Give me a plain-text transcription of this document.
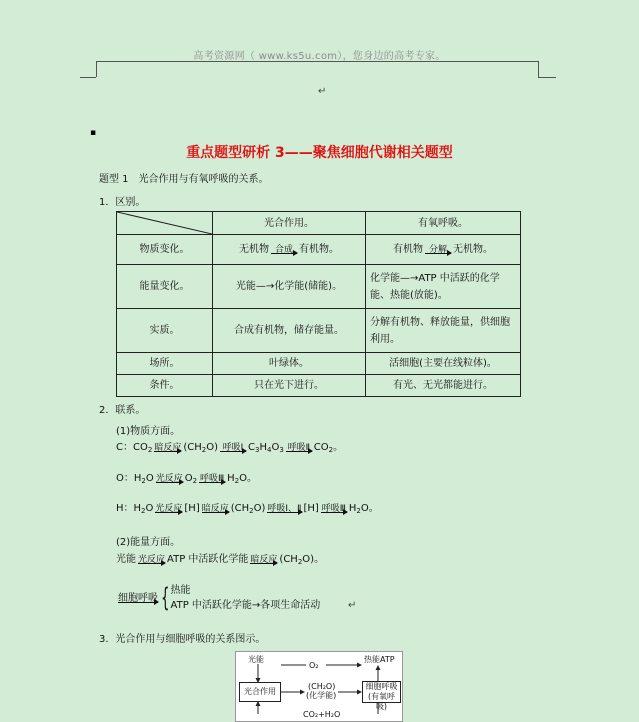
高考资源网（ www.ks5u.com），您身边的高考专家。
↵
▪
重点题型研析 3——聚焦细胞代谢相关题型
题型 1　光合作用与有氧呼吸的关系。
1．区别。
	光合作用。	有氧呼吸。
物质变化。	无机物 合成 有机物。	有机物 分解 无机物。
能量变化。	光能—→化学能(储能)。	化学能—→ATP 中活跃的化学能、热能(放能)。
实质。	合成有机物，储存能量。	分解有机物、释放能量，供细胞利用。
场所。	叶绿体。	活细胞(主要在线粒体)。
条件。	只在光下进行。	有光、无光都能进行。
2．联系。
(1)物质方面。
C：$CO_2$ 暗反应 $(CH_2O)$ 呼吸Ⅰ $C_3H_4O_3$ 呼吸Ⅱ $CO_2$。
O：$H_2O$ 光反应 $O_2$ 呼吸Ⅲ $H_2O$。
H：$H_2O$ 光反应 [H] 暗反应 $(CH_2O)$ 呼吸Ⅰ、Ⅱ [H] 呼吸Ⅲ $H_2O$。
(2)能量方面。
光能 光反应 ATP 中活跃化学能 暗反应 $(CH_2O)$。
细胞呼吸 { 热能
ATP 中活跃化学能→各项生命活动	↵
3．光合作用与细胞呼吸的关系图示。
光能
O₂
热能ATP
光合作用
(CH₂O)
(化学能)
细胞呼吸
(有氧呼吸)
CO₂+H₂O
